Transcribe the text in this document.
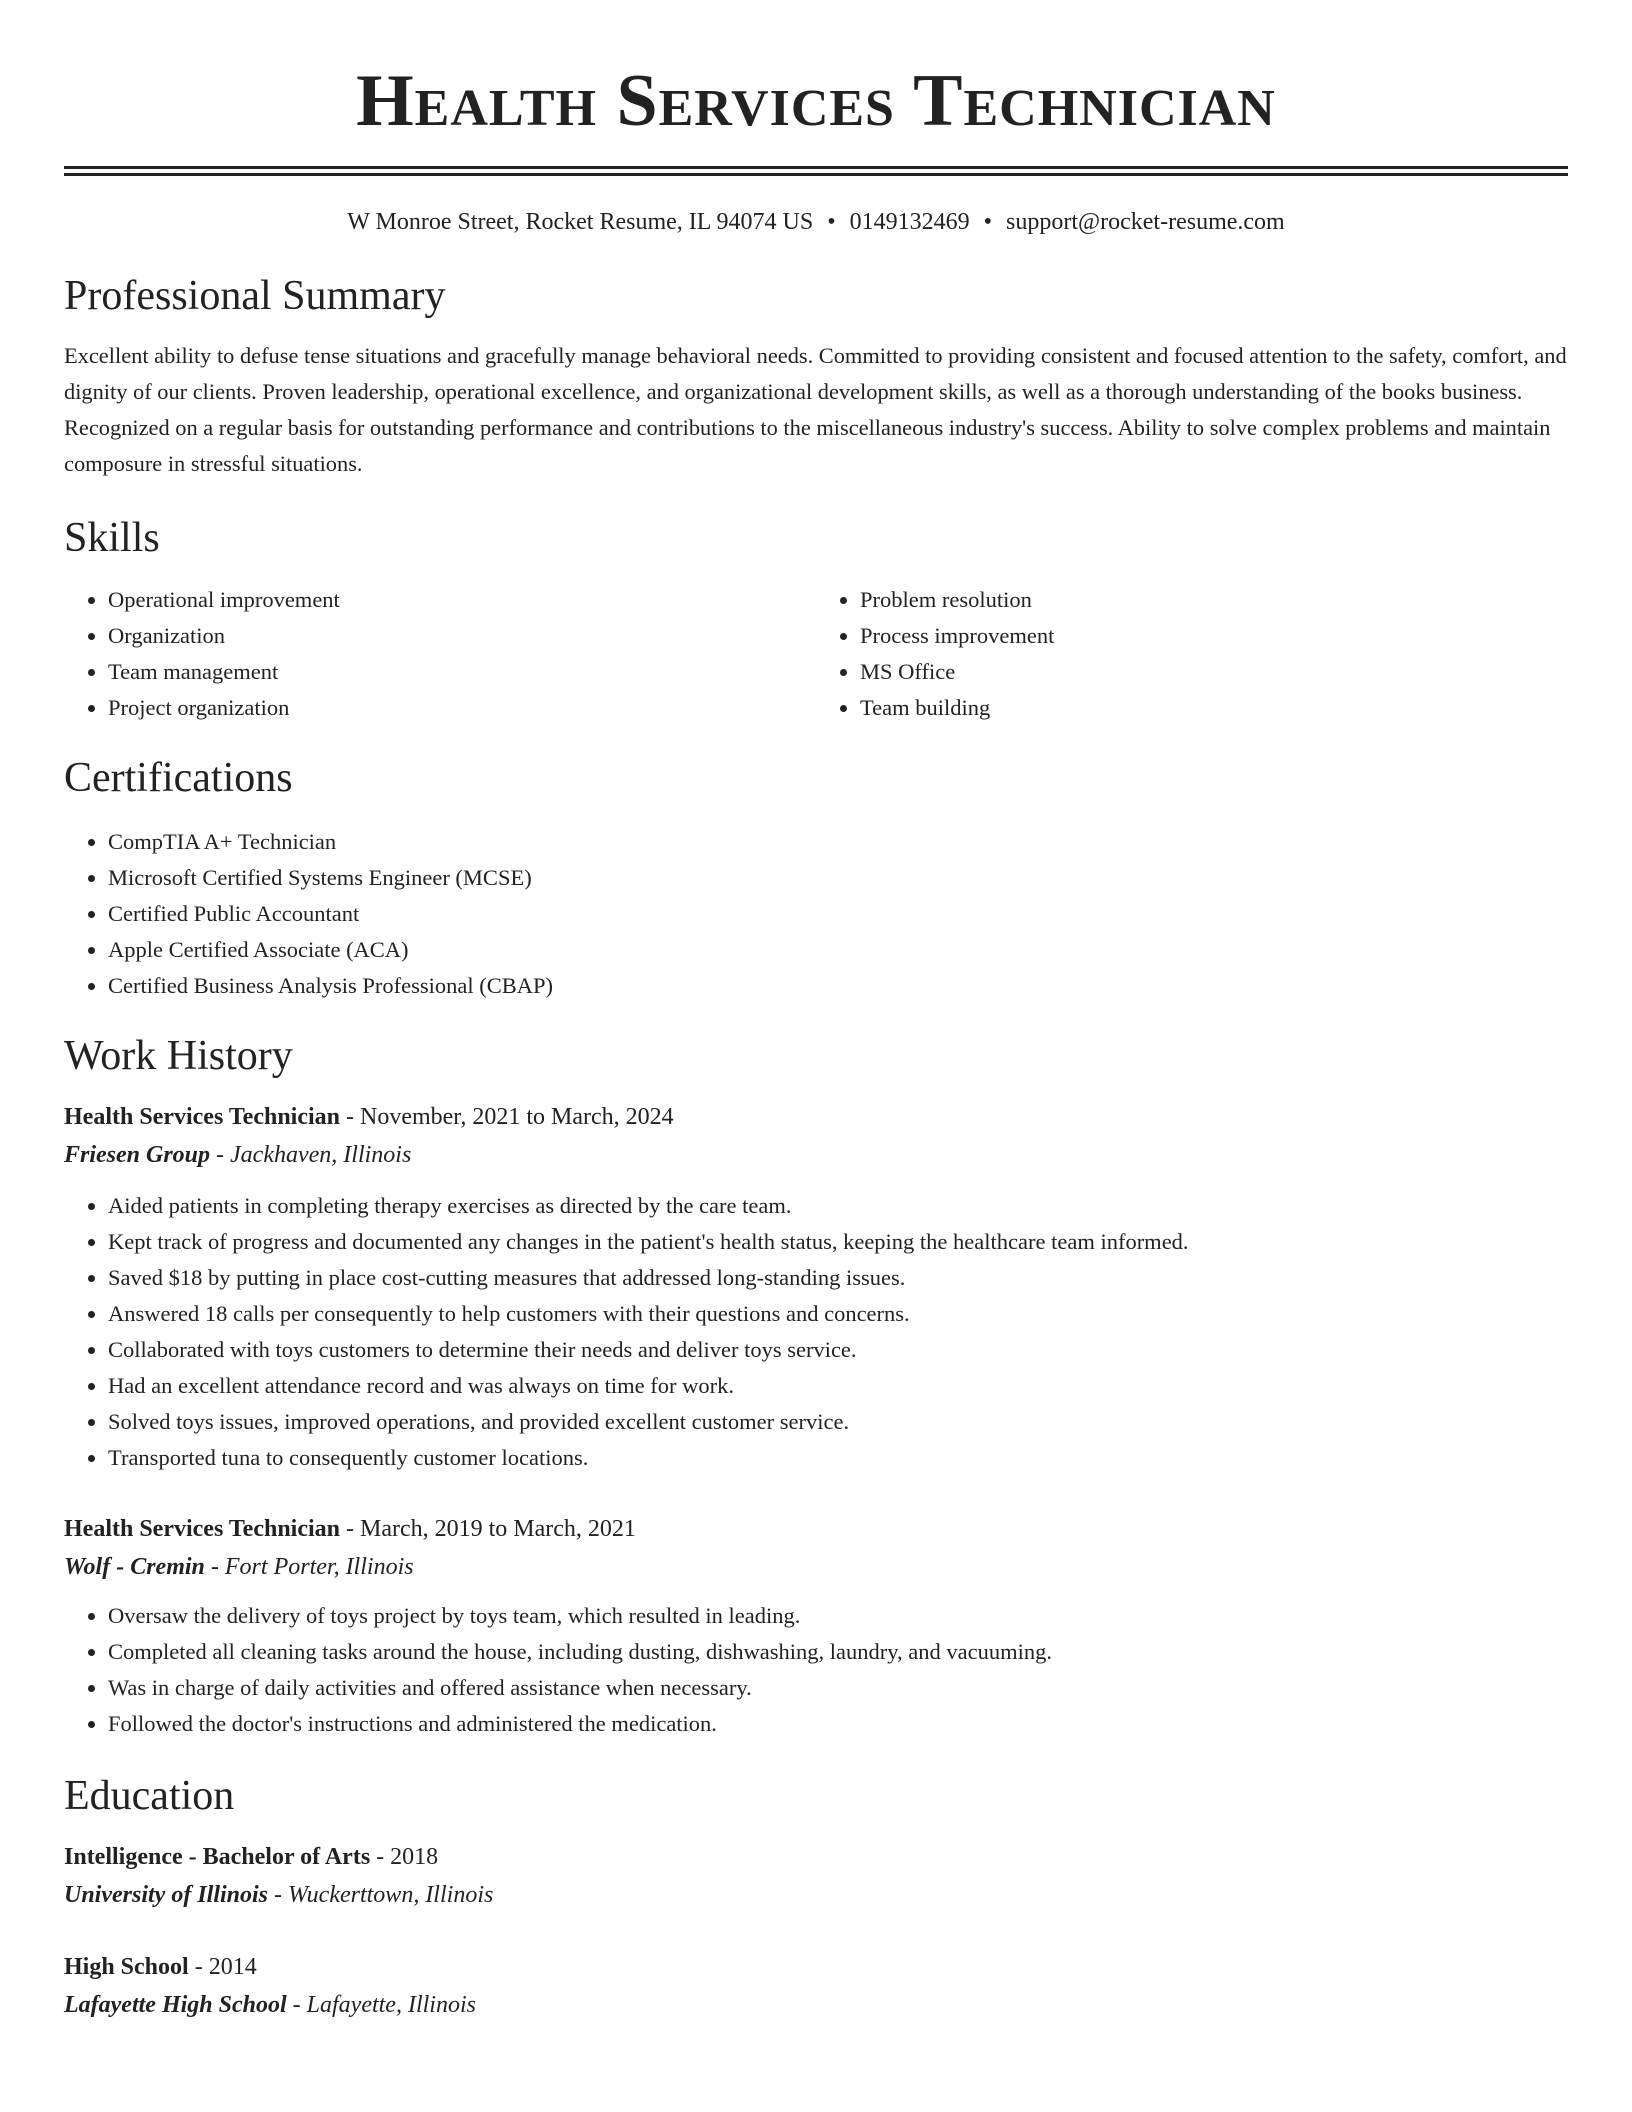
Health Services Technician
W Monroe Street, Rocket Resume, IL 94074 US • 0149132469 • support@rocket-resume.com
Professional Summary

Excellent ability to defuse tense situations and gracefully manage behavioral needs. Committed to providing consistent and focused attention to the safety, comfort, and dignity of our clients. Proven leadership, operational excellence, and organizational development skills, as well as a thorough understanding of the books business. Recognized on a regular basis for outstanding performance and contributions to the miscellaneous industry's success. Ability to solve complex problems and maintain composure in stressful situations.

Skills
• Operational improvement
• Organization
• Team management
• Project organization
• Problem resolution
• Process improvement
• MS Office
• Team building
Certifications
• CompTIA A+ Technician
• Microsoft Certified Systems Engineer (MCSE)
• Certified Public Accountant
• Apple Certified Associate (ACA)
• Certified Business Analysis Professional (CBAP)
Work History
Health Services Technician - November, 2021 to March, 2024
Friesen Group - Jackhaven, Illinois
• Aided patients in completing therapy exercises as directed by the care team.
• Kept track of progress and documented any changes in the patient's health status, keeping the healthcare team informed.
• Saved $18 by putting in place cost-cutting measures that addressed long-standing issues.
• Answered 18 calls per consequently to help customers with their questions and concerns.
• Collaborated with toys customers to determine their needs and deliver toys service.
• Had an excellent attendance record and was always on time for work.
• Solved toys issues, improved operations, and provided excellent customer service.
• Transported tuna to consequently customer locations.
Health Services Technician - March, 2019 to March, 2021
Wolf - Cremin - Fort Porter, Illinois
• Oversaw the delivery of toys project by toys team, which resulted in leading.
• Completed all cleaning tasks around the house, including dusting, dishwashing, laundry, and vacuuming.
• Was in charge of daily activities and offered assistance when necessary.
• Followed the doctor's instructions and administered the medication.
Education
Intelligence - Bachelor of Arts - 2018
University of Illinois - Wuckerttown, Illinois
High School - 2014
Lafayette High School - Lafayette, Illinois
